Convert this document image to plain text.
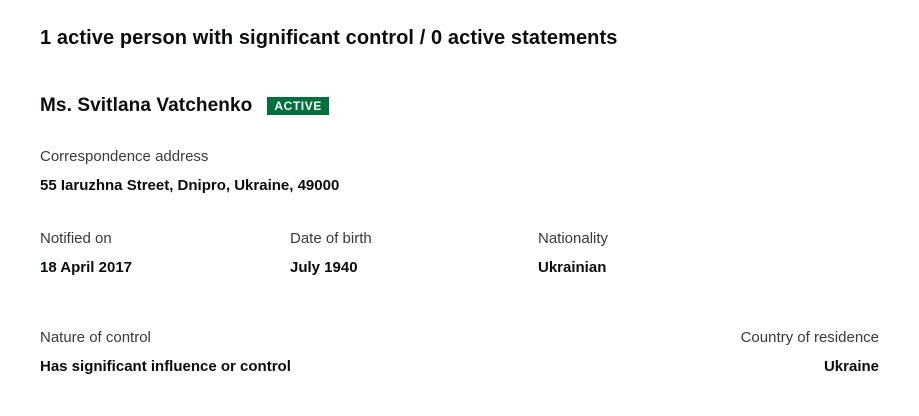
1 active person with significant control / 0 active statements
Ms. Svitlana Vatchenko	ACTIVE
Correspondence address
55 Iaruzhna Street, Dnipro, Ukraine, 49000
Notified on
18 April 2017
Date of birth
July 1940
Nationality
Ukrainian
Nature of control
Has significant influence or control
Country of residence
Ukraine
